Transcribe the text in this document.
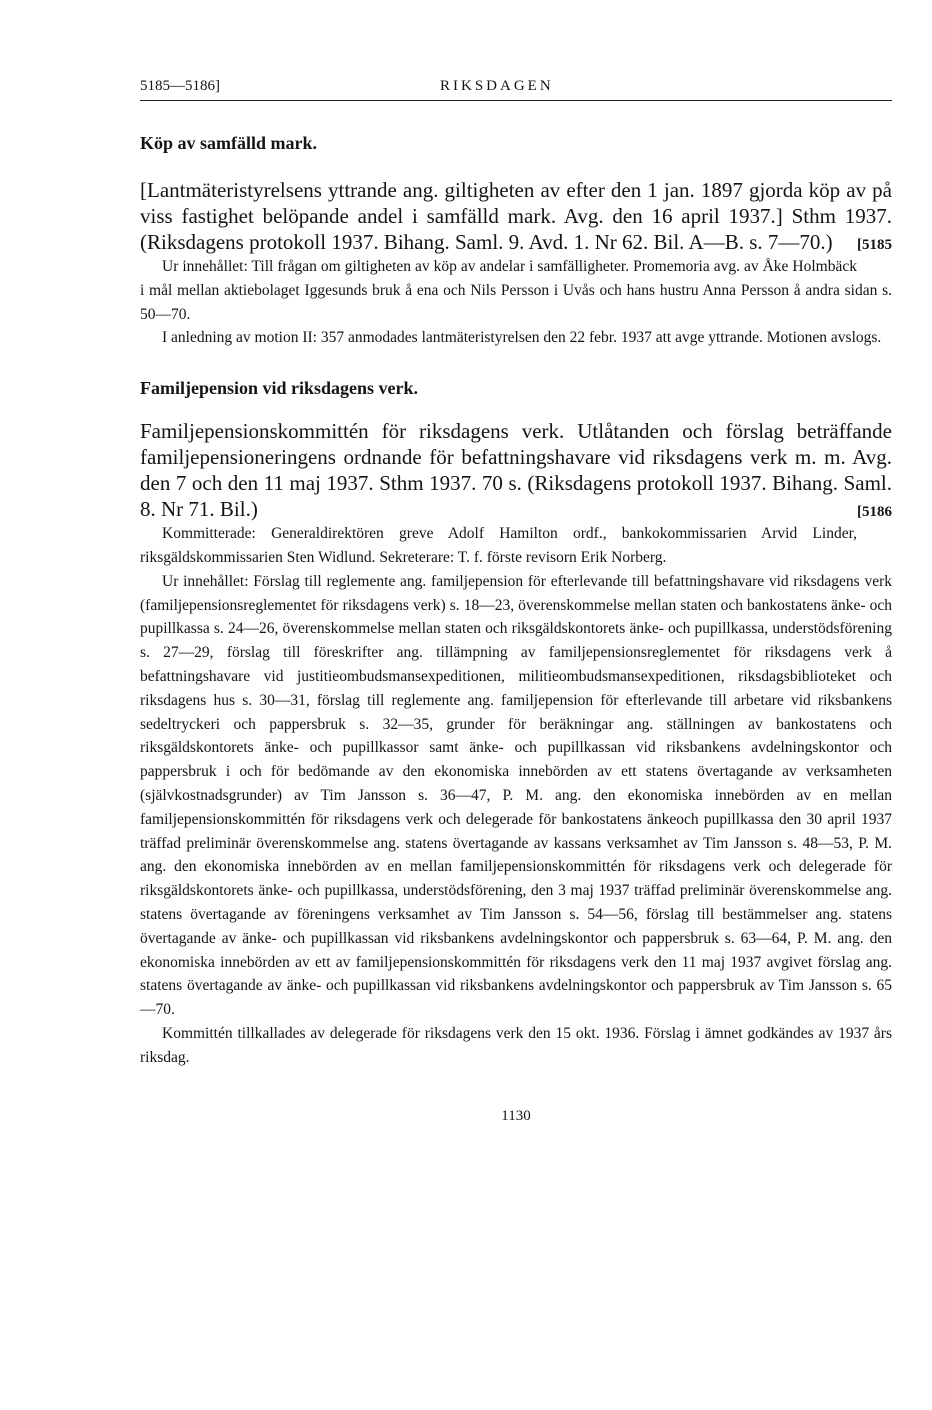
5185—5186]	RIKSDAGEN
Köp av samfälld mark.
[Lantmäteristyrelsens yttrande ang. giltigheten av efter den 1 jan. 1897 gjorda köp av på viss fastighet belöpande andel i samfälld mark. Avg. den 16 april 1937.] Sthm 1937. (Riksdagens protokoll 1937. Bihang. Saml. 9. Avd. 1. Nr 62. Bil. A—B. s. 7—70.) [5185

Ur innehållet: Till frågan om giltigheten av köp av andelar i samfälligheter. Promemoria avg. av Åke Holmbäck i mål mellan aktiebolaget Iggesunds bruk å ena och Nils Persson i Uvås och hans hustru Anna Persson å andra sidan s. 50—70.

I anledning av motion II: 357 anmodades lantmäteristyrelsen den 22 febr. 1937 att avge yttrande. Motionen avslogs.

Familjepension vid riksdagens verk.
Familjepensionskommittén för riksdagens verk. Utlåtanden och förslag beträffande familjepensioneringens ordnande för befattningshavare vid riksdagens verk m. m. Avg. den 7 och den 11 maj 1937. Sthm 1937. 70 s. (Riksdagens protokoll 1937. Bihang. Saml. 8. Nr 71. Bil.)	[5186

Kommitterade: Generaldirektören greve Adolf Hamilton ordf., bankokommissarien Arvid Linder, riksgäldskommissarien Sten Widlund. Sekreterare: T. f. förste revisorn Erik Norberg.

Ur innehållet: Förslag till reglemente ang. familjepension för efterlevande till befattningshavare vid riksdagens verk (familjepensionsreglementet för riksdagens verk) s. 18—23, överenskommelse mellan staten och bankostatens änke- och pupillkassa s. 24—26, överenskommelse mellan staten och riksgäldskontorets änke- och pupillkassa, understödsförening s. 27—29, förslag till föreskrifter ang. tillämpning av familjepensionsreglementet för riksdagens verk å befattningshavare vid justitieombudsmansexpeditionen, militieombudsmansexpeditionen, riksdagsbiblioteket och riksdagens hus s. 30—31, förslag till reglemente ang. familjepension för efterlevande till arbetare vid riksbankens sedeltryckeri och pappersbruk s. 32—35, grunder för beräkningar ang. ställningen av bankostatens och riksgäldskontorets änke- och pupillkassor samt änke- och pupillkassan vid riksbankens avdelningskontor och pappersbruk i och för bedömande av den ekonomiska innebörden av ett statens övertagande av verksamheten (självkostnadsgrunder) av Tim Jansson s. 36—47, P. M. ang. den ekonomiska innebörden av en mellan familjepensionskommittén för riksdagens verk och delegerade för bankostatens änkeoch pupillkassa den 30 april 1937 träffad preliminär överenskommelse ang. statens övertagande av kassans verksamhet av Tim Jansson s. 48—53, P. M. ang. den ekonomiska innebörden av en mellan familjepensionskommittén för riksdagens verk och delegerade för riksgäldskontorets änke- och pupillkassa, understödsförening, den 3 maj 1937 träffad preliminär överenskommelse ang. statens övertagande av föreningens verksamhet av Tim Jansson s. 54—56, förslag till bestämmelser ang. statens övertagande av änke- och pupillkassan vid riksbankens avdelningskontor och pappersbruk s. 63—64, P. M. ang. den ekonomiska innebörden av ett av familjepensionskommittén för riksdagens verk den 11 maj 1937 avgivet förslag ang. statens övertagande av änke- och pupillkassan vid riksbankens avdelningskontor och pappersbruk av Tim Jansson s. 65—70.

Kommittén tillkallades av delegerade för riksdagens verk den 15 okt. 1936. Förslag i ämnet godkändes av 1937 års riksdag.

1130
